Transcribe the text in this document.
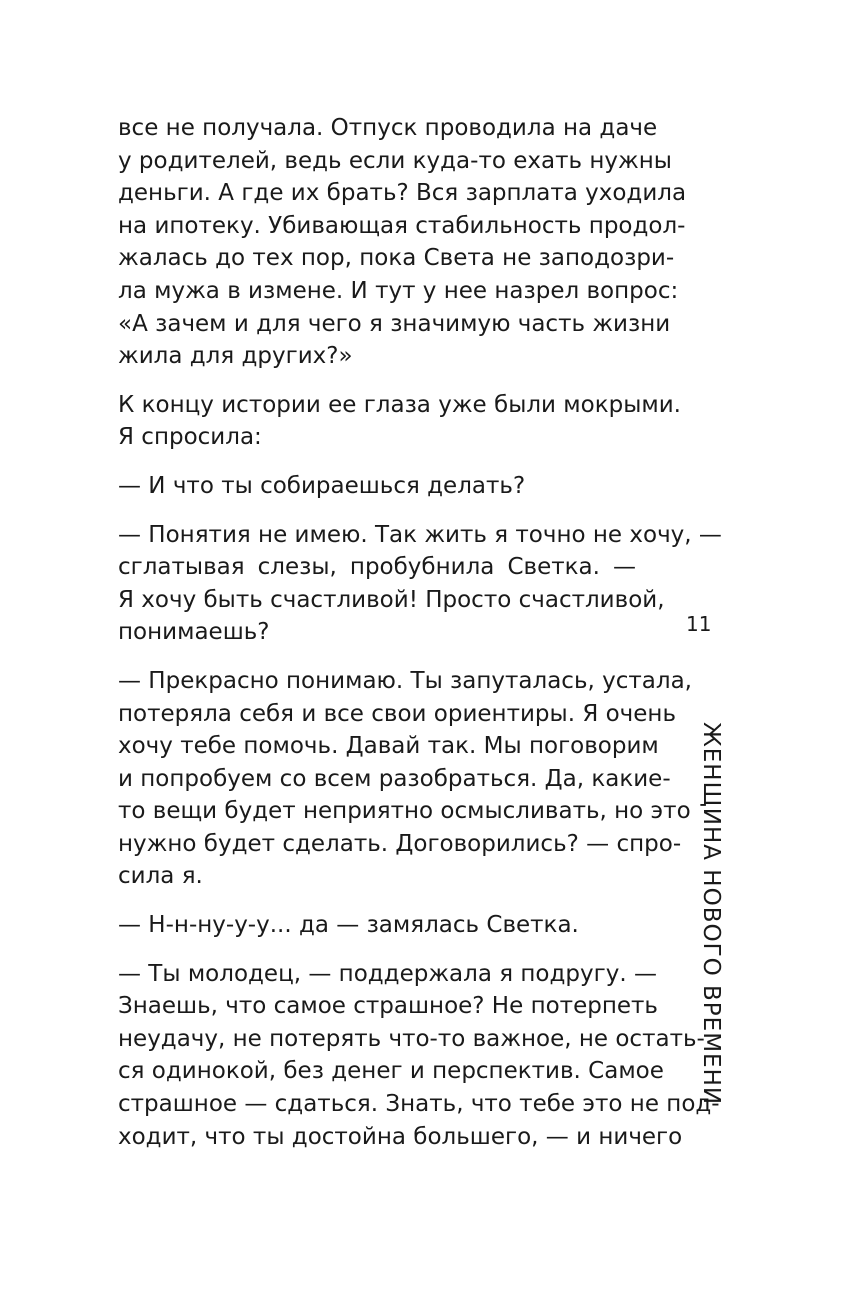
все не получала. Отпуск проводила на даче
у родителей, ведь если куда-то ехать нужны
деньги. А где их брать? Вся зарплата уходила
на ипотеку. Убивающая стабильность продол-
жалась до тех пор, пока Света не заподозри-
ла мужа в измене. И тут у нее назрел вопрос:
«А зачем и для чего я значимую часть жизни
жила для других?»

К концу истории ее глаза уже были мокрыми.
Я спросила:

— И что ты собираешься делать?

— Понятия не имею. Так жить я точно не хочу, —
сглатывая слезы, пробубнила Светка. —
Я хочу быть счастливой! Просто счастливой,
понимаешь?

— Прекрасно понимаю. Ты запуталась, устала,
потеряла себя и все свои ориентиры. Я очень
хочу тебе помочь. Давай так. Мы поговорим
и попробуем со всем разобраться. Да, какие-
то вещи будет неприятно осмысливать, но это
нужно будет сделать. Договорились? — спро-
сила я.

— Н-н-ну-у-у... да — замялась Светка.

— Ты молодец, — поддержала я подругу. —
Знаешь, что самое страшное? Не потерпеть
неудачу, не потерять что-то важное, не остать-
ся одинокой, без денег и перспектив. Самое
страшное — сдаться. Знать, что тебе это не под-
ходит, что ты достойна большего, — и ничего

11
ЖЕНЩИНА НОВОГО ВРЕМЕНИ
